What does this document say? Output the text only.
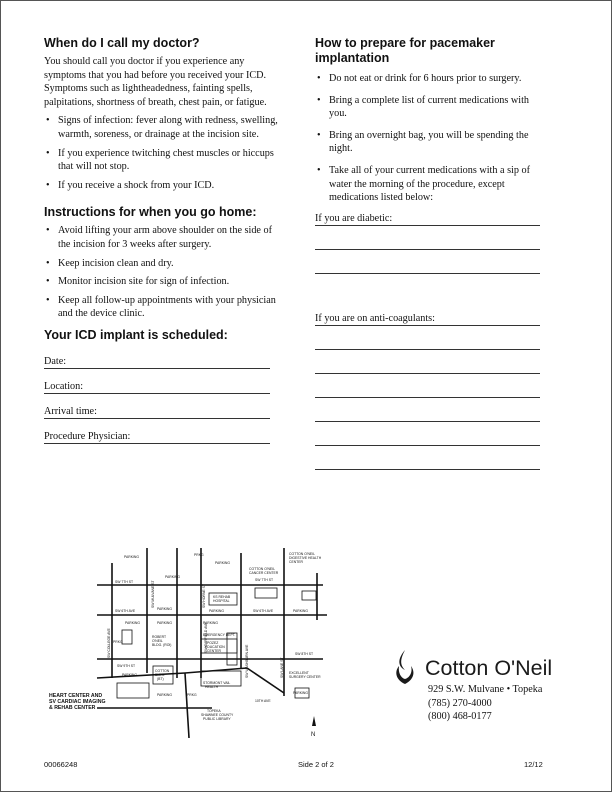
When do I call my doctor?

You should call you doctor if you experience any symptoms that you had before you received your ICD. Symptoms such as lightheadedness, fainting spells, palpitations, shortness of breath, chest pain, or fatigue.

• Signs of infection: fever along with redness, swelling, warmth, soreness, or drainage at the incision site.
• If you experience twitching chest muscles or hiccups that will not stop.
• If you receive a shock from your ICD.
Instructions for when you go home:
• Avoid lifting your arm above shoulder on the side of the incision for 3 weeks after surgery.
• Keep incision clean and dry.
• Monitor incision site for sign of infection.
• Keep all follow-up appointments with your physician and the device clinic.
Your ICD implant is scheduled:
Date:
Location:
Arrival time:
Procedure Physician:
How to prepare for pacemaker implantation
• Do not eat or drink for 6 hours prior to surgery.
• Bring a complete list of current medications with you.
• Bring an overnight bag, you will be spending the night.
• Take all of your current medications with a sip of water the morning of the procedure, except medications listed below:
If you are diabetic:
If you are on anti-coagulants:
PARKING	PRKG
PARKING
PARKING
SW 7TH ST
COTTON O'NEIL
CANCER CENTER
SW 7TH ST
COTTON O'NEIL
DIGESTIVE HEALTH
CENTER
KS REHAB
HOSPITAL
PARKING	PARKING	PARKING
SW 6TH AVE	SW 6TH AVE
PARKING	PARKING	PARKING
PRKG
ROBERT
O'NEIL
BLDG. (ROI)
EMERGENCY DEPT.
POZEZ
EDUCATION
CENTER
SW 8TH ST
SW 9TH ST
PARKING
COTTON
BLDG.
(BT)
STORMONT VAIL
HEALTH
EXCELLENT
SURGERY CENTER
PARKING
PARKING	PRKG
10TH AVE
TOPEKA
SHAWNEE COUNTY
PUBLIC LIBRARY
HEART CENTER AND
SV CARDIAC IMAGING
& REHAB CENTER
SW MULVANE ST	SW HORNE ST
SW GARFIELD AVE
SW COLLEGE AVE
SW WASHBURN AVE	SW LANE ST
N
Cotton O'Neil
929 S.W. Mulvane • Topeka
(785) 270-4000
(800) 468-0177
00066248	Side 2 of 2	12/12
